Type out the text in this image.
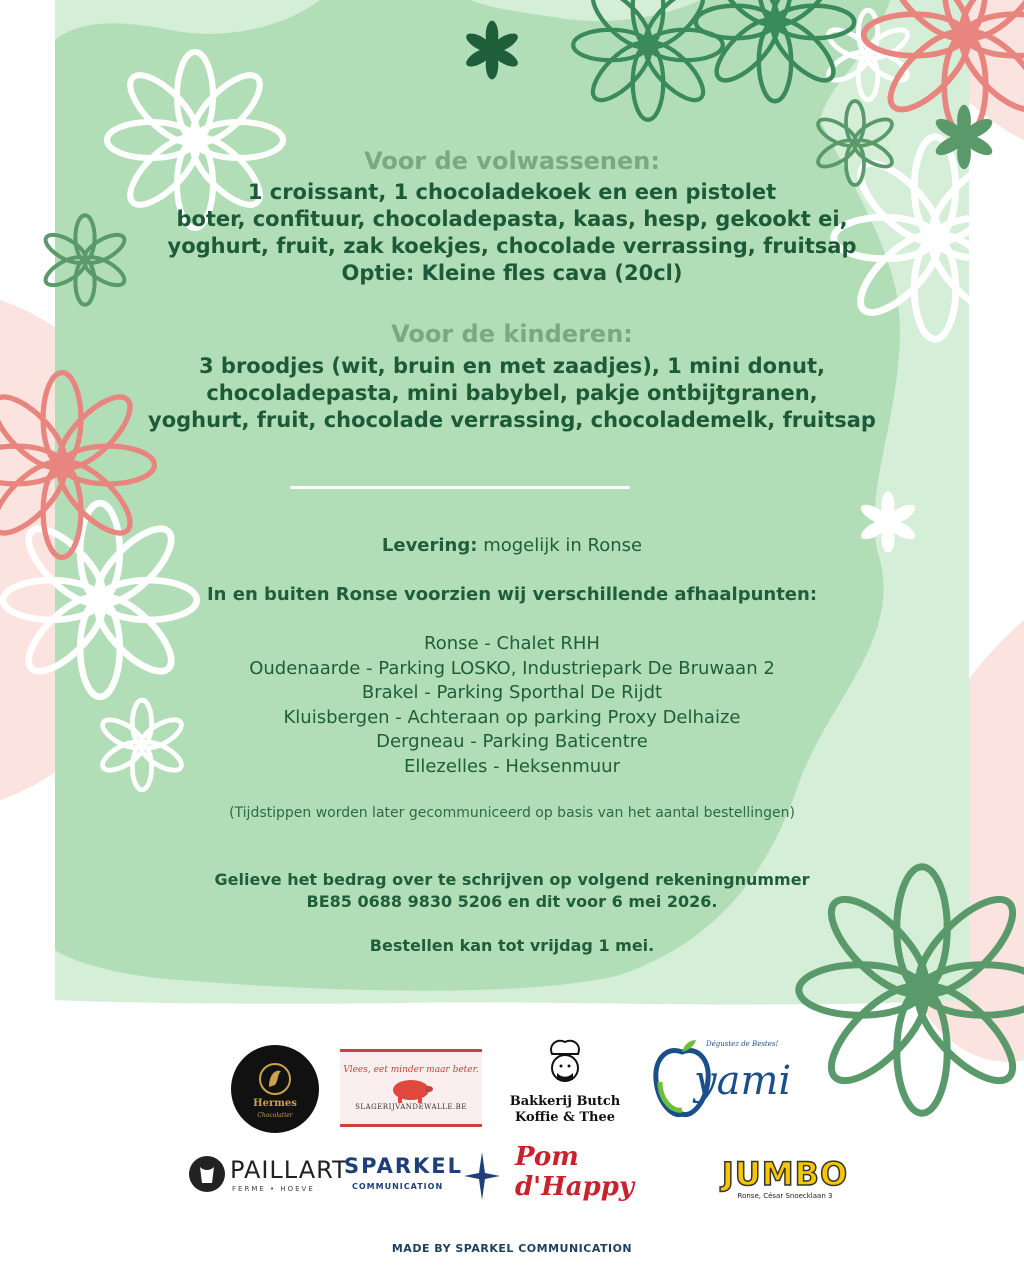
Voor de volwassenen:
1 croissant, 1 chocoladekoek en een pistolet
boter, confituur, chocoladepasta, kaas, hesp, gekookt ei,
yoghurt, fruit, zak koekjes, chocolade verrassing, fruitsap
Optie: Kleine fles cava (20cl)
Voor de kinderen:
3 broodjes (wit, bruin en met zaadjes), 1 mini donut,
chocoladepasta, mini babybel, pakje ontbijtgranen,
yoghurt, fruit, chocolade verrassing, chocolademelk, fruitsap
Levering: mogelijk in Ronse
In en buiten Ronse voorzien wij verschillende afhaalpunten:
Ronse - Chalet RHH
Oudenaarde - Parking LOSKO, Industriepark De Bruwaan 2
Brakel - Parking Sporthal De Rijdt
Kluisbergen - Achteraan op parking Proxy Delhaize
Dergneau - Parking Baticentre
Ellezelles - Heksenmuur
(Tijdstippen worden later gecommuniceerd op basis van het aantal bestellingen)
Gelieve het bedrag over te schrijven op volgend rekeningnummer
BE85 0688 9830 5206 en dit voor 6 mei 2026.
Bestellen kan tot vrijdag 1 mei.
Hermes
Chocolatier
Vlees, eet minder maar beter.
SLAGERIJVANDEWALLE.BE	Bakkerij Butch
Koffie & Thee
Dégustez de Bestes!
yami
PAILLART
FERME • HOEVE
SPARKEL
COMMUNICATION
Pom d'Happy	JUMBO
Ronse, César Snoecklaan 3
MADE BY SPARKEL COMMUNICATION
